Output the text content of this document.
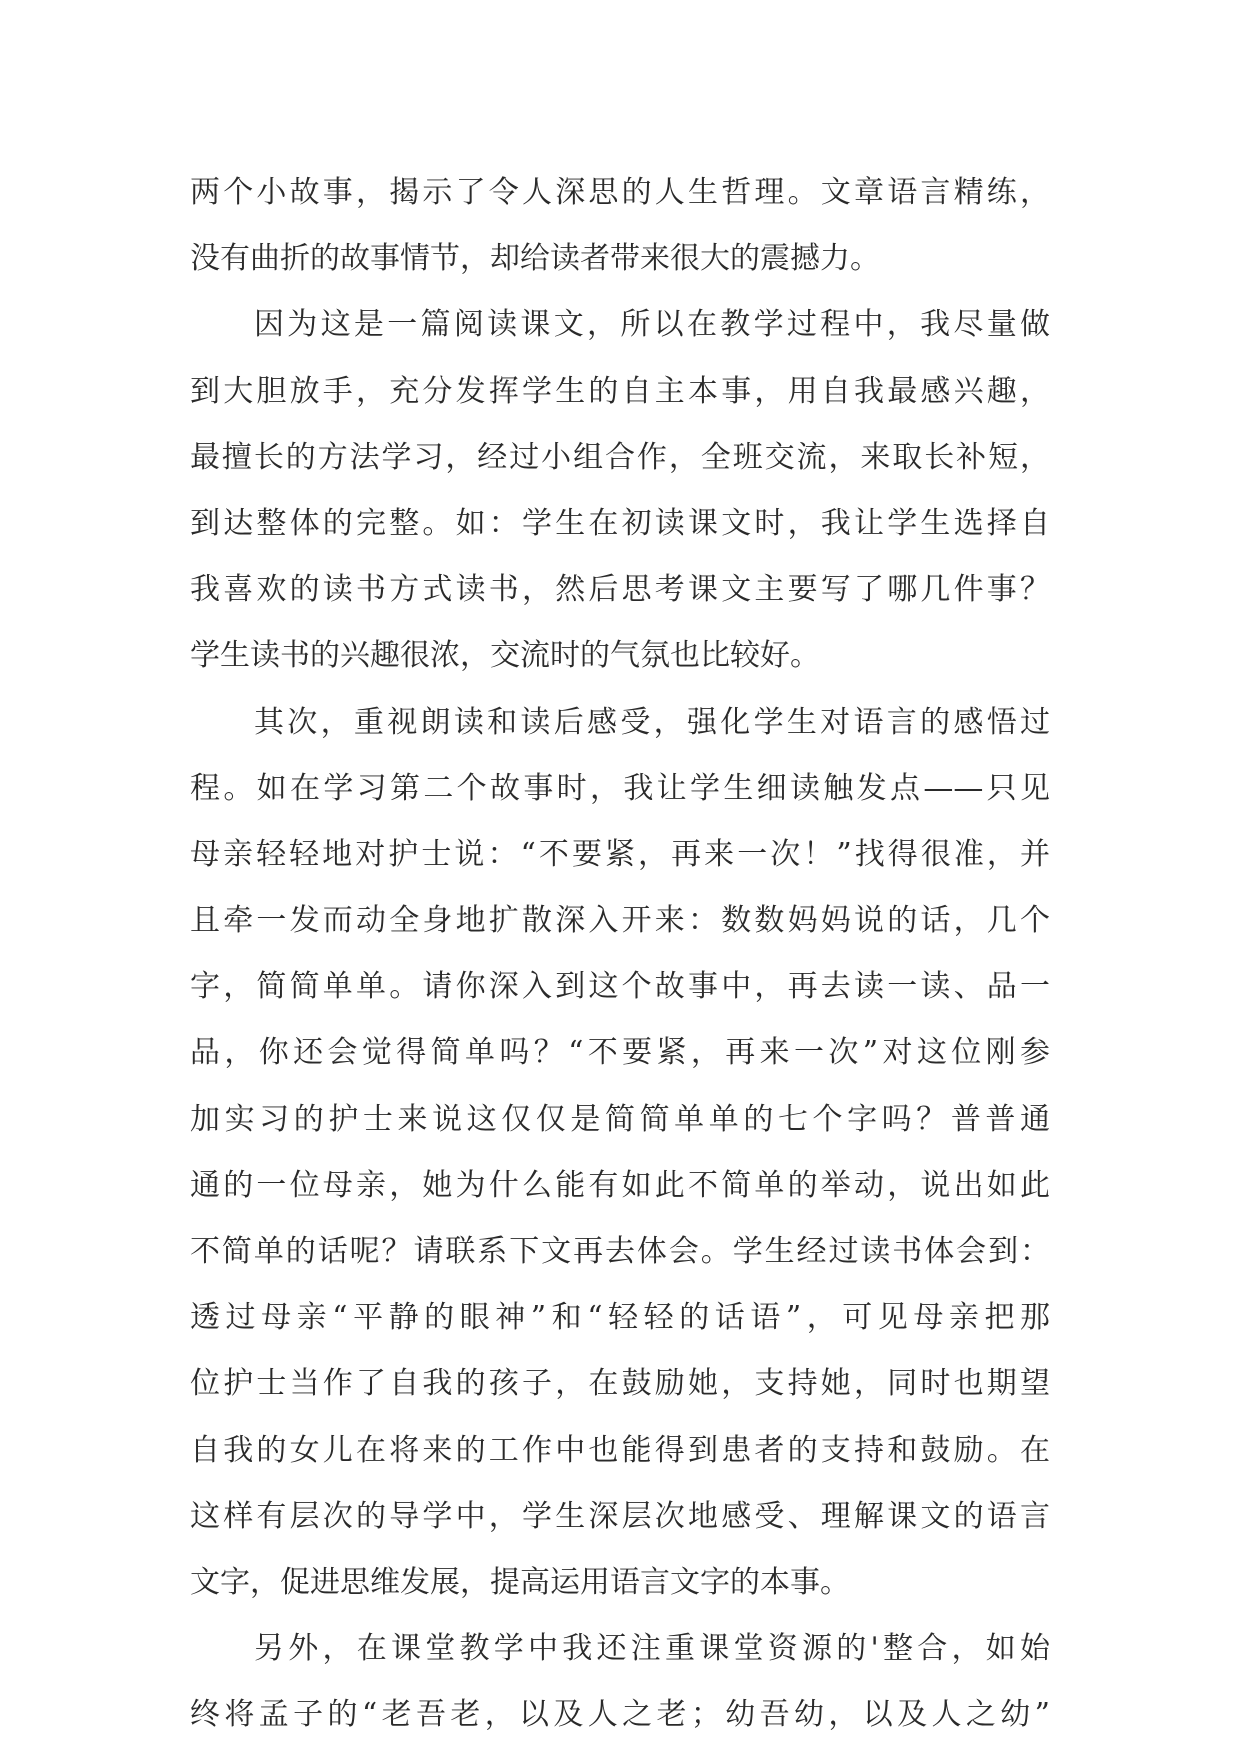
两个小故事，揭示了令人深思的人生哲理。文章语言精练，
没有曲折的故事情节，却给读者带来很大的震撼力。
因为这是一篇阅读课文，所以在教学过程中，我尽量做
到大胆放手，充分发挥学生的自主本事，用自我最感兴趣，
最擅长的方法学习，经过小组合作，全班交流，来取长补短，
到达整体的完整。如：学生在初读课文时，我让学生选择自
我喜欢的读书方式读书，然后思考课文主要写了哪几件事？
学生读书的兴趣很浓，交流时的气氛也比较好。
其次，重视朗读和读后感受，强化学生对语言的感悟过
程。如在学习第二个故事时，我让学生细读触发点——只见
母亲轻轻地对护士说：“不要紧，再来一次！”找得很准，并
且牵一发而动全身地扩散深入开来：数数妈妈说的话，几个
字，简简单单。请你深入到这个故事中，再去读一读、品一
品，你还会觉得简单吗？“不要紧，再来一次”对这位刚参
加实习的护士来说这仅仅是简简单单的七个字吗？普普通
通的一位母亲，她为什么能有如此不简单的举动，说出如此
不简单的话呢？请联系下文再去体会。学生经过读书体会到：
透过母亲“平静的眼神”和“轻轻的话语”，可见母亲把那
位护士当作了自我的孩子，在鼓励她，支持她，同时也期望
自我的女儿在将来的工作中也能得到患者的支持和鼓励。在
这样有层次的导学中，学生深层次地感受、理解课文的语言
文字，促进思维发展，提高运用语言文字的本事。
另外，在课堂教学中我还注重课堂资源的'整合，如始
终将孟子的“老吾老，以及人之老；幼吾幼，以及人之幼”
